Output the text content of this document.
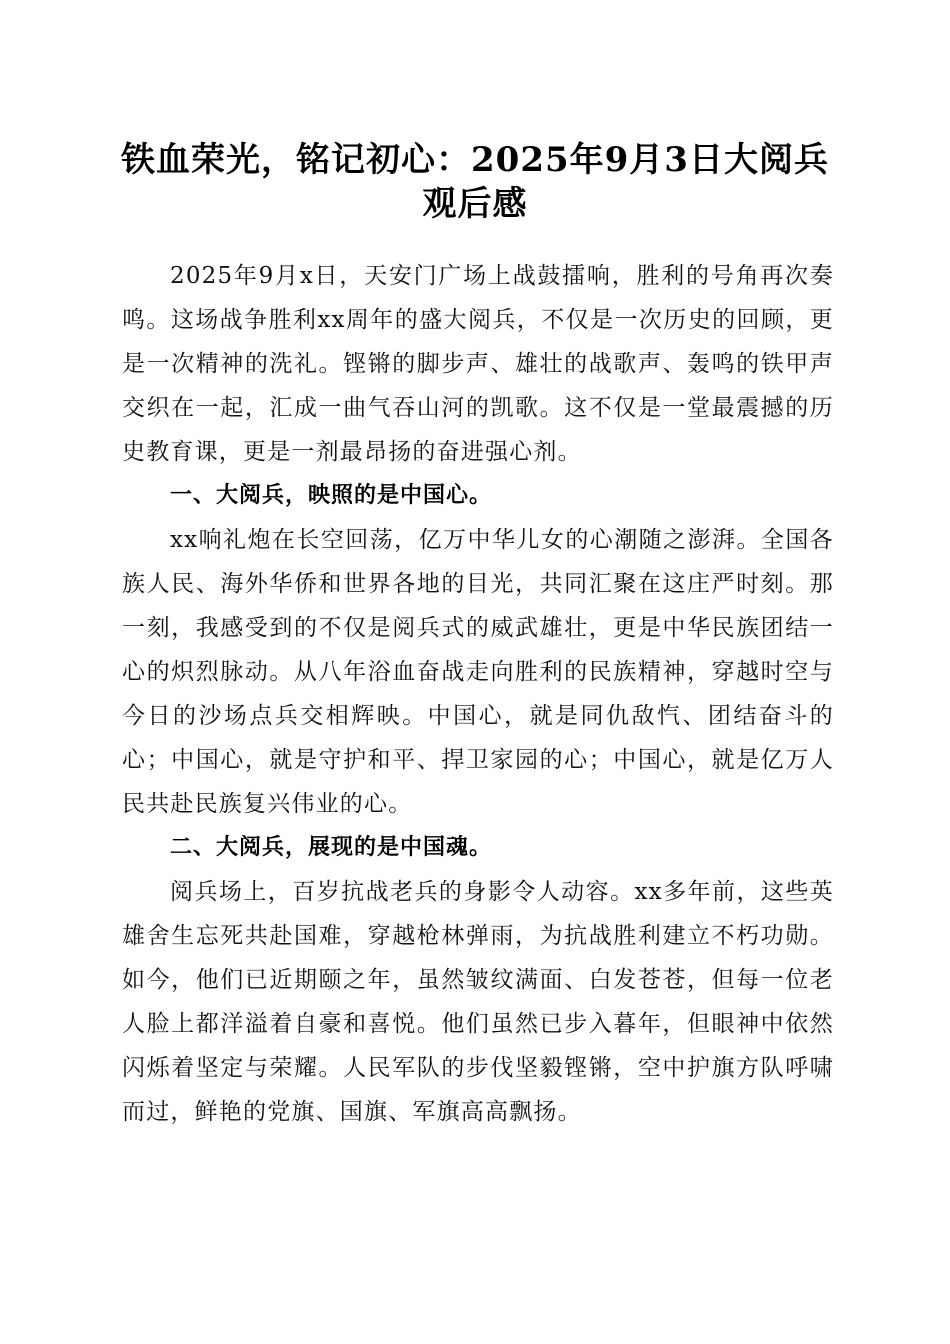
铁血荣光，铭记初心：2025年9月3日大阅兵
观后感

2025年9月x日，天安门广场上战鼓擂响，胜利的号角再次奏鸣。这场战争胜利xx周年的盛大阅兵，不仅是一次历史的回顾，更是一次精神的洗礼。铿锵的脚步声、雄壮的战歌声、轰鸣的铁甲声交织在一起，汇成一曲气吞山河的凯歌。这不仅是一堂最震撼的历史教育课，更是一剂最昂扬的奋进强心剂。

一、大阅兵，映照的是中国心。

xx响礼炮在长空回荡，亿万中华儿女的心潮随之澎湃。全国各族人民、海外华侨和世界各地的目光，共同汇聚在这庄严时刻。那一刻，我感受到的不仅是阅兵式的威武雄壮，更是中华民族团结一心的炽烈脉动。从八年浴血奋战走向胜利的民族精神，穿越时空与今日的沙场点兵交相辉映。中国心，就是同仇敌忾、团结奋斗的心；中国心，就是守护和平、捍卫家园的心；中国心，就是亿万人民共赴民族复兴伟业的心。

二、大阅兵，展现的是中国魂。

阅兵场上，百岁抗战老兵的身影令人动容。xx多年前，这些英雄舍生忘死共赴国难，穿越枪林弹雨，为抗战胜利建立不朽功勋。如今，他们已近期颐之年，虽然皱纹满面、白发苍苍，但每一位老人脸上都洋溢着自豪和喜悦。他们虽然已步入暮年，但眼神中依然闪烁着坚定与荣耀。人民军队的步伐坚毅铿锵，空中护旗方队呼啸而过，鲜艳的党旗、国旗、军旗高高飘扬。
